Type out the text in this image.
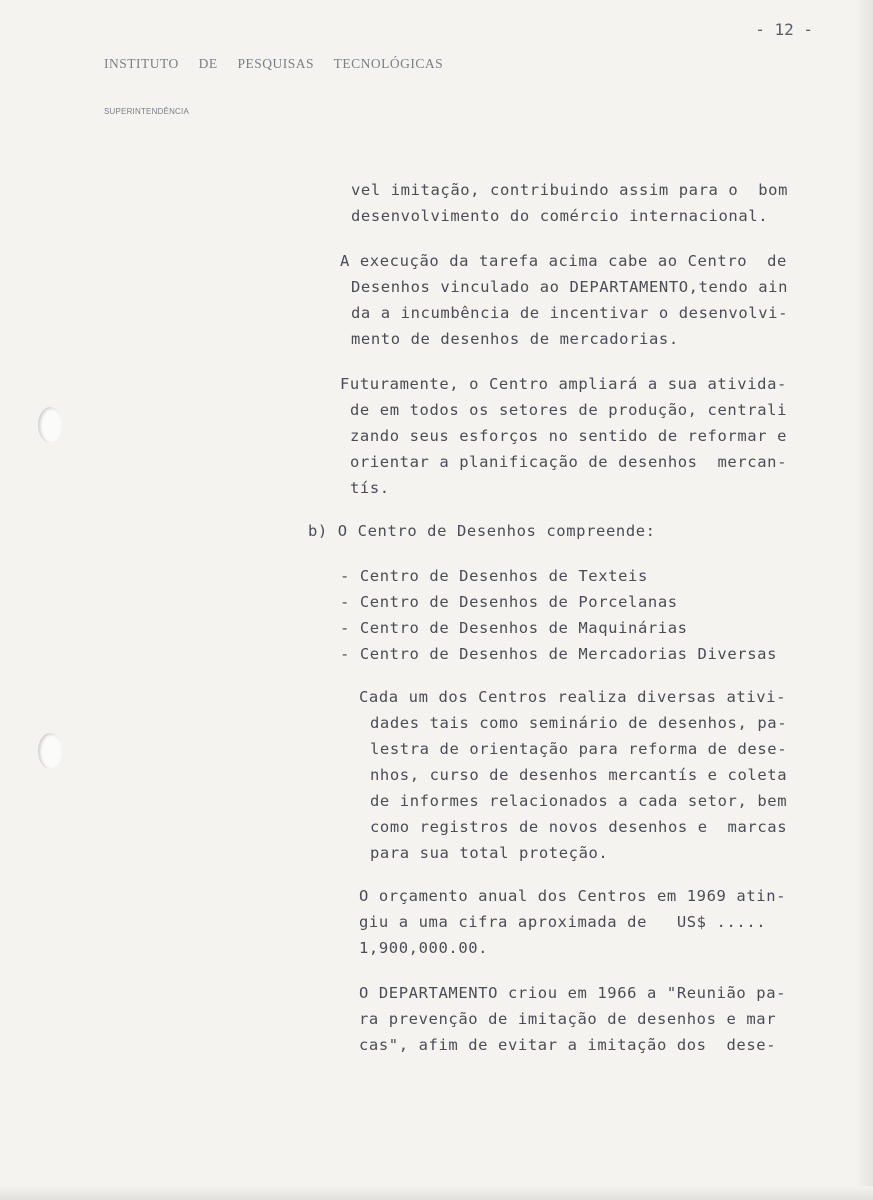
INSTITUTO DE PESQUISAS TECNOLÓGICAS
SUPERINTENDÊNCIA
- 12 -
vel imitação, contribuindo assim para o  bom
desenvolvimento do comércio internacional.
A execução da tarefa acima cabe ao Centro  de
Desenhos vinculado ao DEPARTAMENTO,tendo ain
da a incumbência de incentivar o desenvolvi-
mento de desenhos de mercadorias.
Futuramente, o Centro ampliará a sua ativida-
de em todos os setores de produção, centrali
zando seus esforços no sentido de reformar e
orientar a planificação de desenhos  mercan-
tís.
b) O Centro de Desenhos compreende:
- Centro de Desenhos de Texteis
- Centro de Desenhos de Porcelanas
- Centro de Desenhos de Maquinárias
- Centro de Desenhos de Mercadorias Diversas
Cada um dos Centros realiza diversas ativi-
dades tais como seminário de desenhos, pa-
lestra de orientação para reforma de dese-
nhos, curso de desenhos mercantís e coleta
de informes relacionados a cada setor, bem
como registros de novos desenhos e  marcas
para sua total proteção.
O orçamento anual dos Centros em 1969 atin-
giu a uma cifra aproximada de   US$ .....
1,900,000.00.
O DEPARTAMENTO criou em 1966 a "Reunião pa-
ra prevenção de imitação de desenhos e mar
cas", afim de evitar a imitação dos  dese-
